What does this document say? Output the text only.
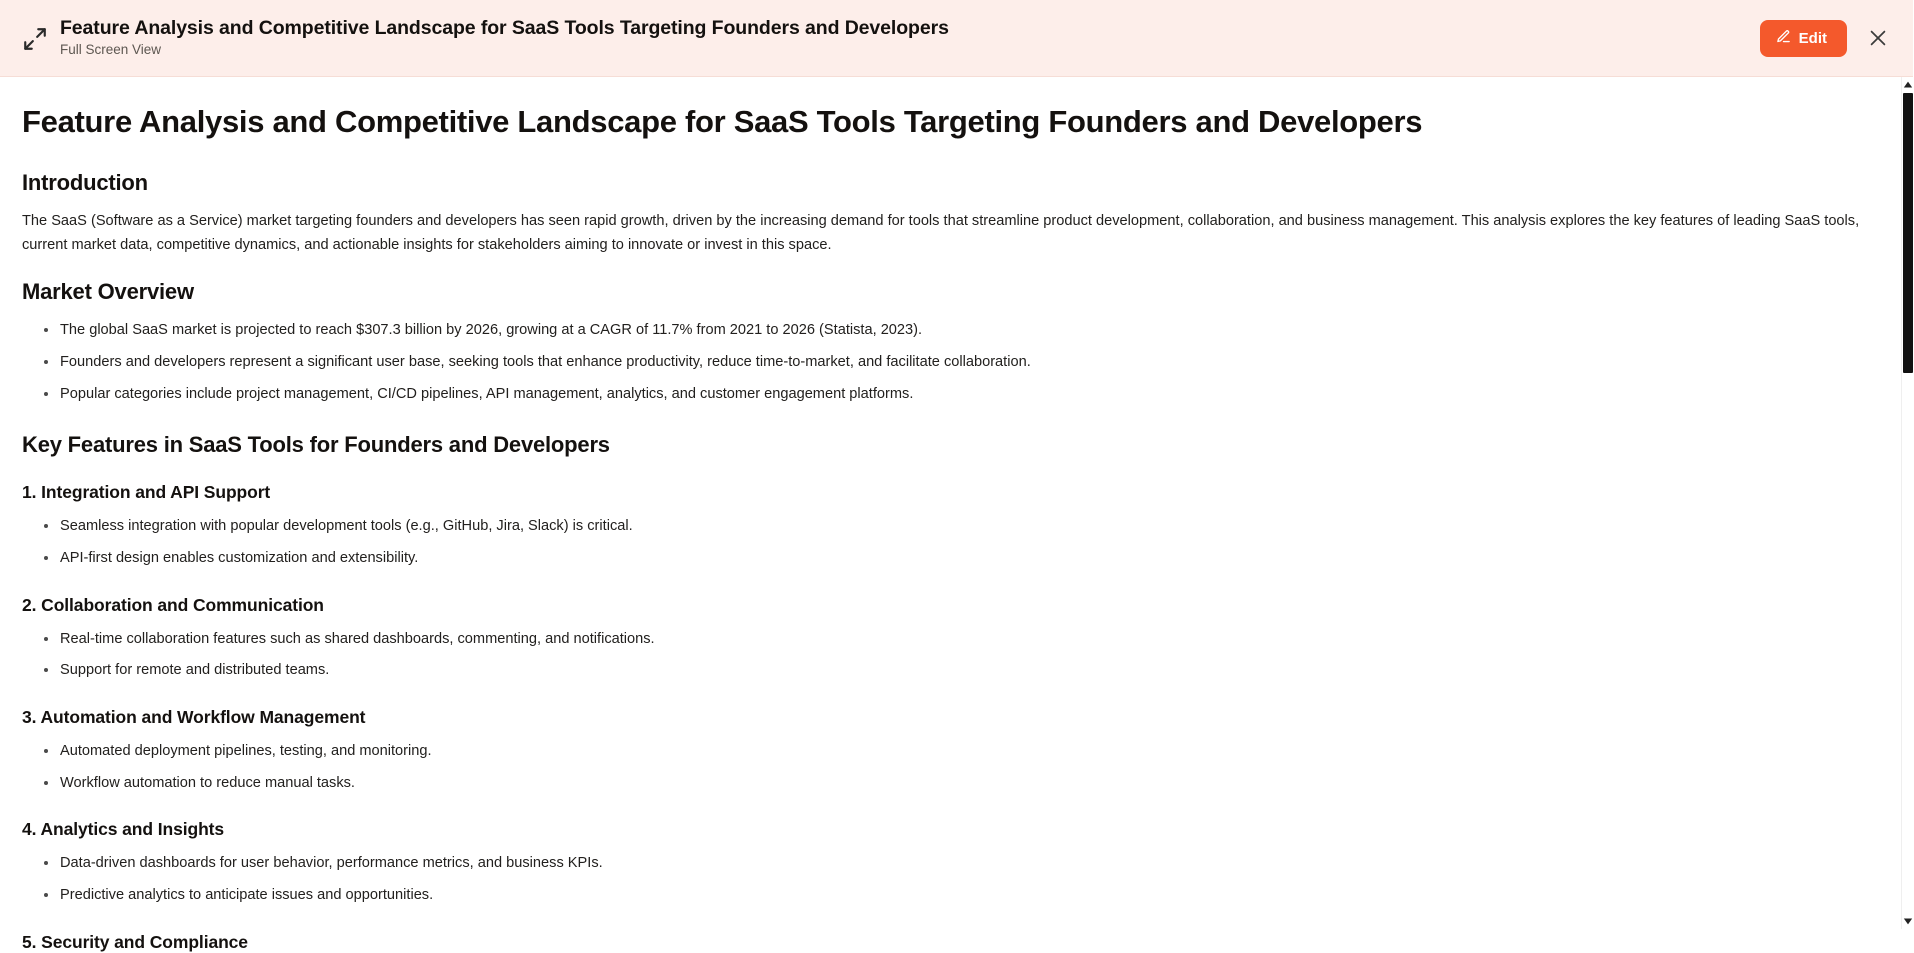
Feature Analysis and Competitive Landscape for SaaS Tools Targeting Founders and Developers
Full Screen View
Edit
Feature Analysis and Competitive Landscape for SaaS Tools Targeting Founders and Developers
Introduction

The SaaS (Software as a Service) market targeting founders and developers has seen rapid growth, driven by the increasing demand for tools that streamline product development, collaboration, and business management. This analysis explores the key features of leading SaaS tools, current market data, competitive dynamics, and actionable insights for stakeholders aiming to innovate or invest in this space.

Market Overview
The global SaaS market is projected to reach $307.3 billion by 2026, growing at a CAGR of 11.7% from 2021 to 2026 (Statista, 2023).
Founders and developers represent a significant user base, seeking tools that enhance productivity, reduce time-to-market, and facilitate collaboration.
Popular categories include project management, CI/CD pipelines, API management, analytics, and customer engagement platforms.
Key Features in SaaS Tools for Founders and Developers
1. Integration and API Support
Seamless integration with popular development tools (e.g., GitHub, Jira, Slack) is critical.
API-first design enables customization and extensibility.
2. Collaboration and Communication
Real-time collaboration features such as shared dashboards, commenting, and notifications.
Support for remote and distributed teams.
3. Automation and Workflow Management
Automated deployment pipelines, testing, and monitoring.
Workflow automation to reduce manual tasks.
4. Analytics and Insights
Data-driven dashboards for user behavior, performance metrics, and business KPIs.
Predictive analytics to anticipate issues and opportunities.
5. Security and Compliance
